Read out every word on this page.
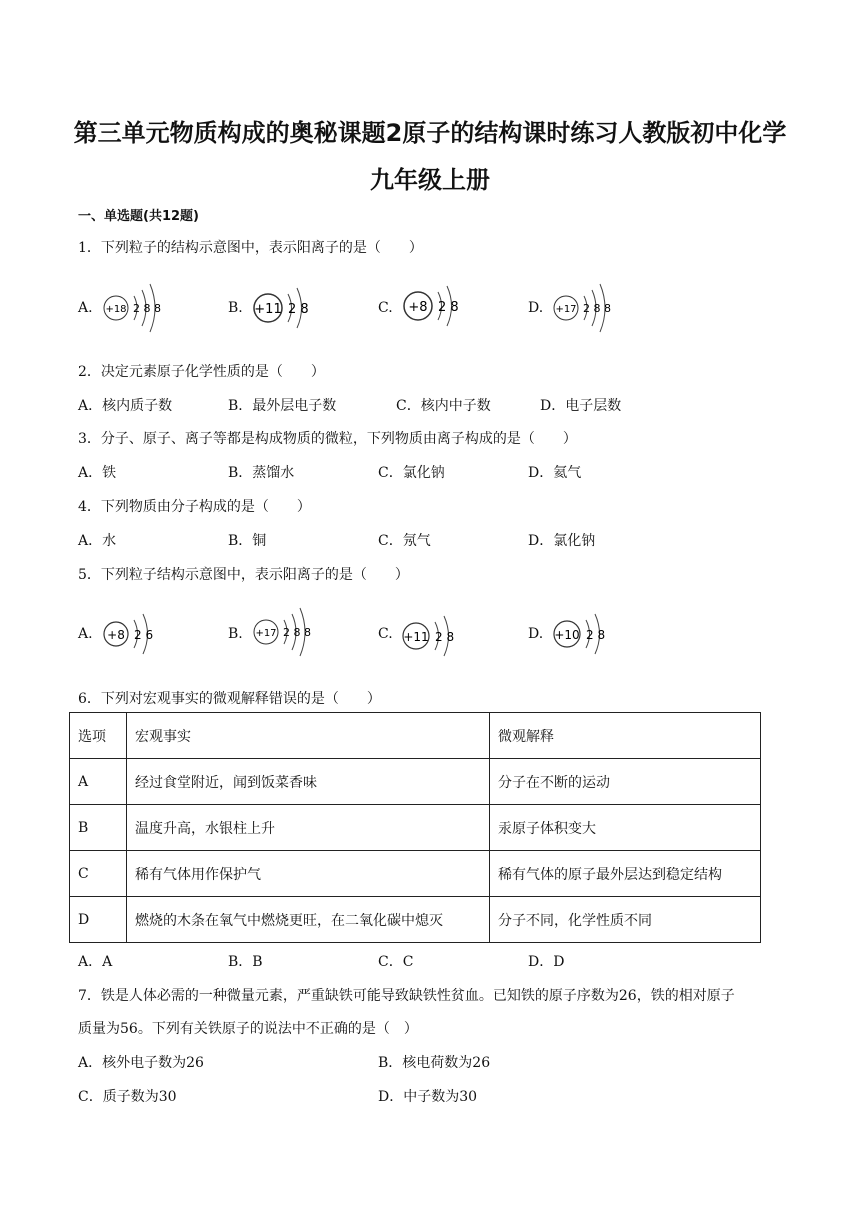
第三单元物质构成的奥秘课题2原子的结构课时练习人教版初中化学
九年级上册
一、单选题(共12题)
1．下列粒子的结构示意图中，表示阳离子的是（　　）
A. +18 2 8 8	B. +11 2 8	C. +8 2 8	D. +17 2 8 8
2．决定元素原子化学性质的是（　　）
A．核内质子数	B．最外层电子数	C．核内中子数	D．电子层数
3．分子、原子、离子等都是构成物质的微粒，下列物质由离子构成的是（　　）
A．铁	B．蒸馏水	C．氯化钠	D．氦气
4．下列物质由分子构成的是（　　）
A．水	B．铜	C．氖气	D．氯化钠
5．下列粒子结构示意图中，表示阳离子的是（　　）
A. +8 2 6	B. +17 2 8 8	C. +11 2 8	D. +10 2 8
6．下列对宏观事实的微观解释错误的是（　　）
选项	宏观事实	微观解释
A	经过食堂附近，闻到饭菜香味	分子在不断的运动
B	温度升高，水银柱上升	汞原子体积变大
C	稀有气体用作保护气	稀有气体的原子最外层达到稳定结构
D	燃烧的木条在氧气中燃烧更旺，在二氧化碳中熄灭	分子不同，化学性质不同
A．A	B．B	C．C	D．D
7．铁是人体必需的一种微量元素，严重缺铁可能导致缺铁性贫血。已知铁的原子序数为26，铁的相对原子
质量为56。下列有关铁原子的说法中不正确的是（　）
A．核外电子数为26	B．核电荷数为26
C．质子数为30	D．中子数为30
